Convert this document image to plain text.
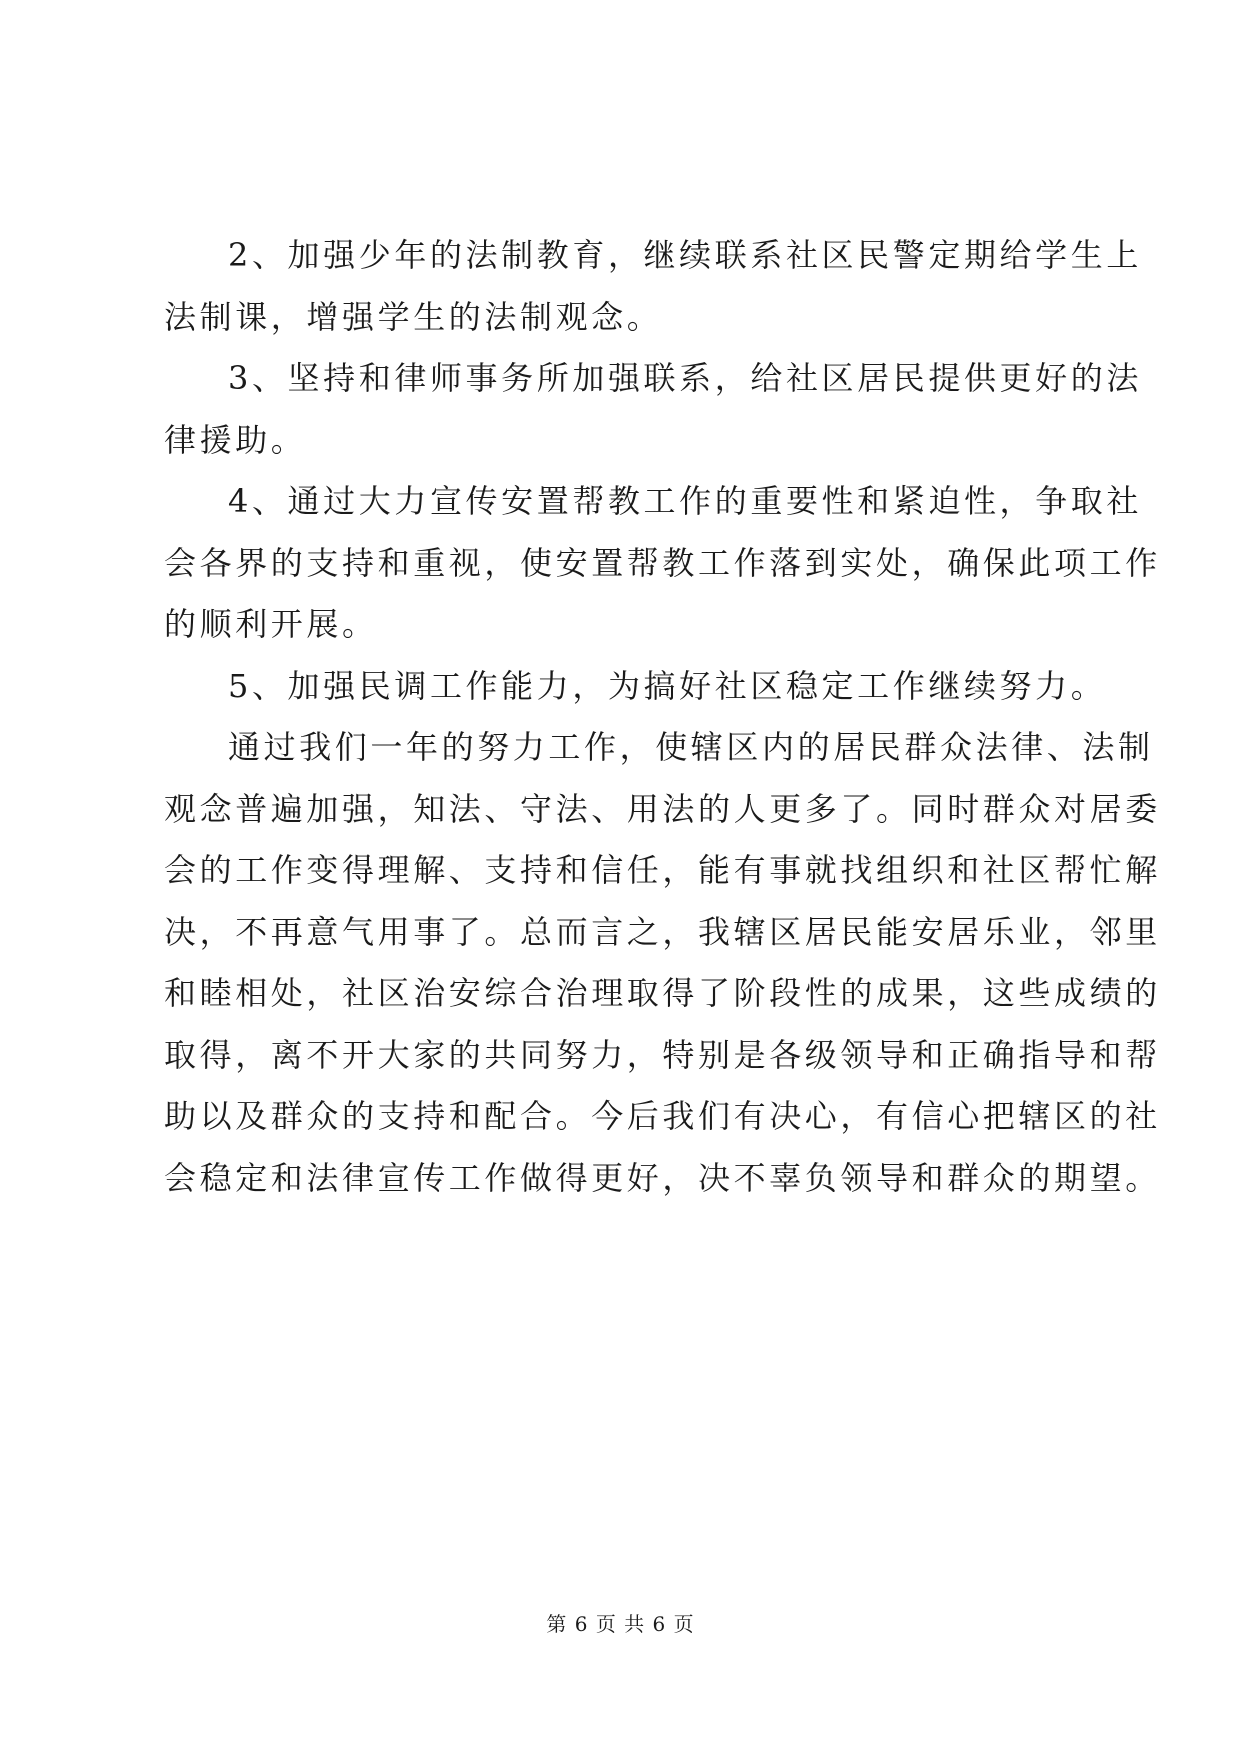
2、加强少年的法制教育，继续联系社区民警定期给学生上
法制课，增强学生的法制观念。
3、坚持和律师事务所加强联系，给社区居民提供更好的法
律援助。
4、通过大力宣传安置帮教工作的重要性和紧迫性，争取社
会各界的支持和重视，使安置帮教工作落到实处，确保此项工作
的顺利开展。
5、加强民调工作能力，为搞好社区稳定工作继续努力。
通过我们一年的努力工作，使辖区内的居民群众法律、法制
观念普遍加强，知法、守法、用法的人更多了。同时群众对居委
会的工作变得理解、支持和信任，能有事就找组织和社区帮忙解
决，不再意气用事了。总而言之，我辖区居民能安居乐业，邻里
和睦相处，社区治安综合治理取得了阶段性的成果，这些成绩的
取得，离不开大家的共同努力，特别是各级领导和正确指导和帮
助以及群众的支持和配合。今后我们有决心，有信心把辖区的社
会稳定和法律宣传工作做得更好，决不辜负领导和群众的期望。
第 6 页 共 6 页
